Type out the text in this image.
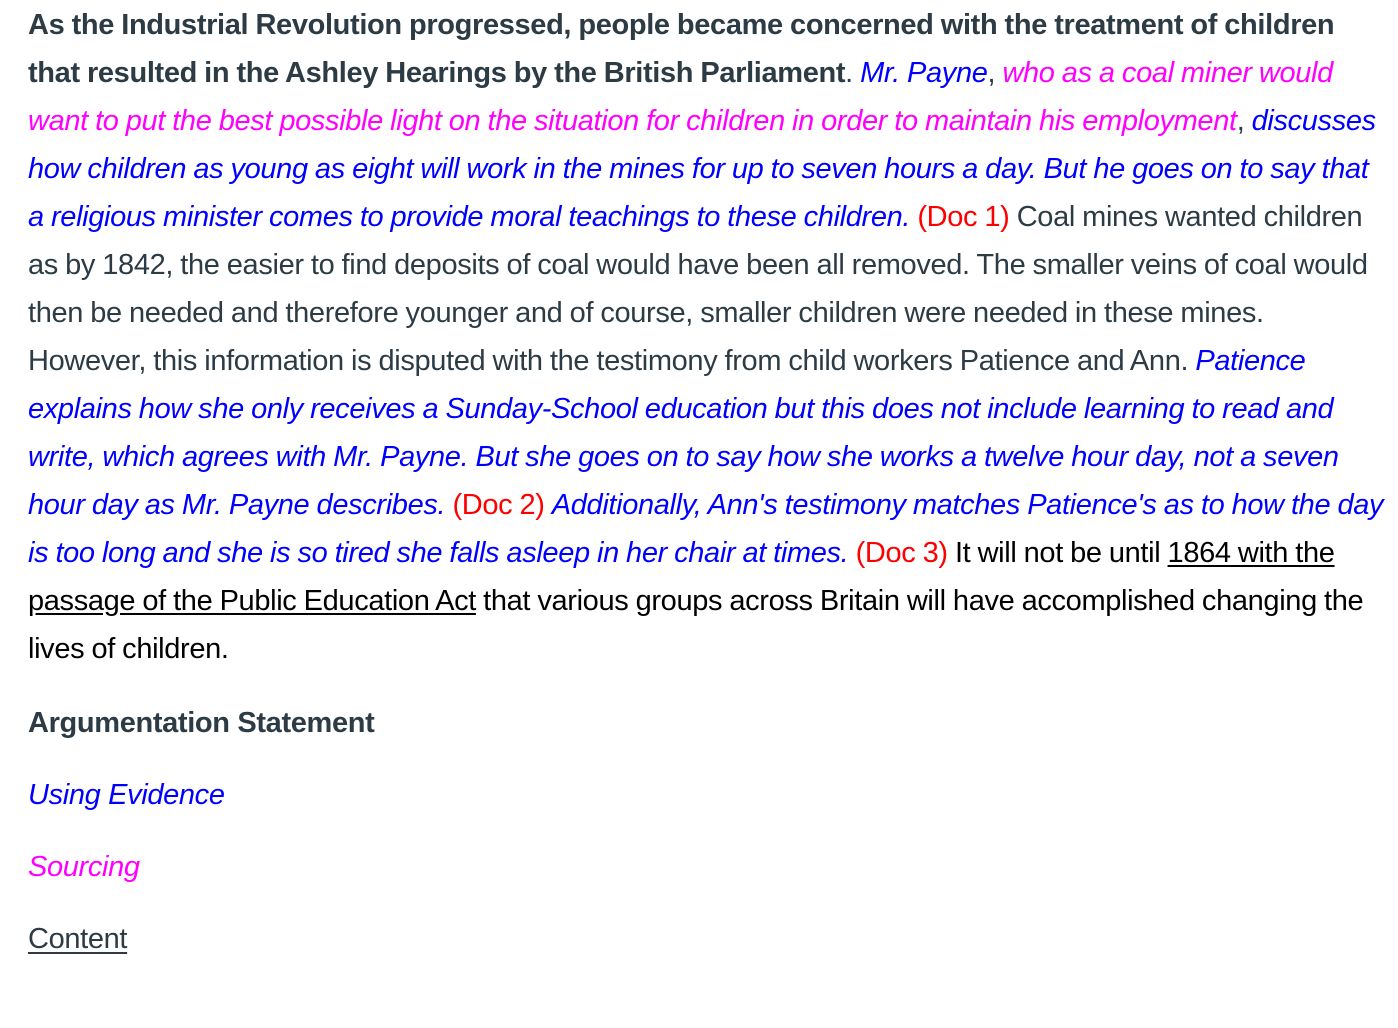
As the Industrial Revolution progressed, people became concerned with the treatment of children that resulted in the Ashley Hearings by the British Parliament. Mr. Payne, who as a coal miner would want to put the best possible light on the situation for children in order to maintain his employment, discusses how children as young as eight will work in the mines for up to seven hours a day. But he goes on to say that a religious minister comes to provide moral teachings to these children. (Doc 1) Coal mines wanted children as by 1842, the easier to find deposits of coal would have been all removed. The smaller veins of coal would then be needed and therefore younger and of course, smaller children were needed in these mines. However, this information is disputed with the testimony from child workers Patience and Ann. Patience explains how she only receives a Sunday-School education but this does not include learning to read and write, which agrees with Mr. Payne. But she goes on to say how she works a twelve hour day, not a seven hour day as Mr. Payne describes. (Doc 2) Additionally, Ann's testimony matches Patience's as to how the day is too long and she is so tired she falls asleep in her chair at times. (Doc 3) It will not be until 1864 with the passage of the Public Education Act that various groups across Britain will have accomplished changing the lives of children.

Argumentation Statement
Using Evidence
Sourcing
Content
